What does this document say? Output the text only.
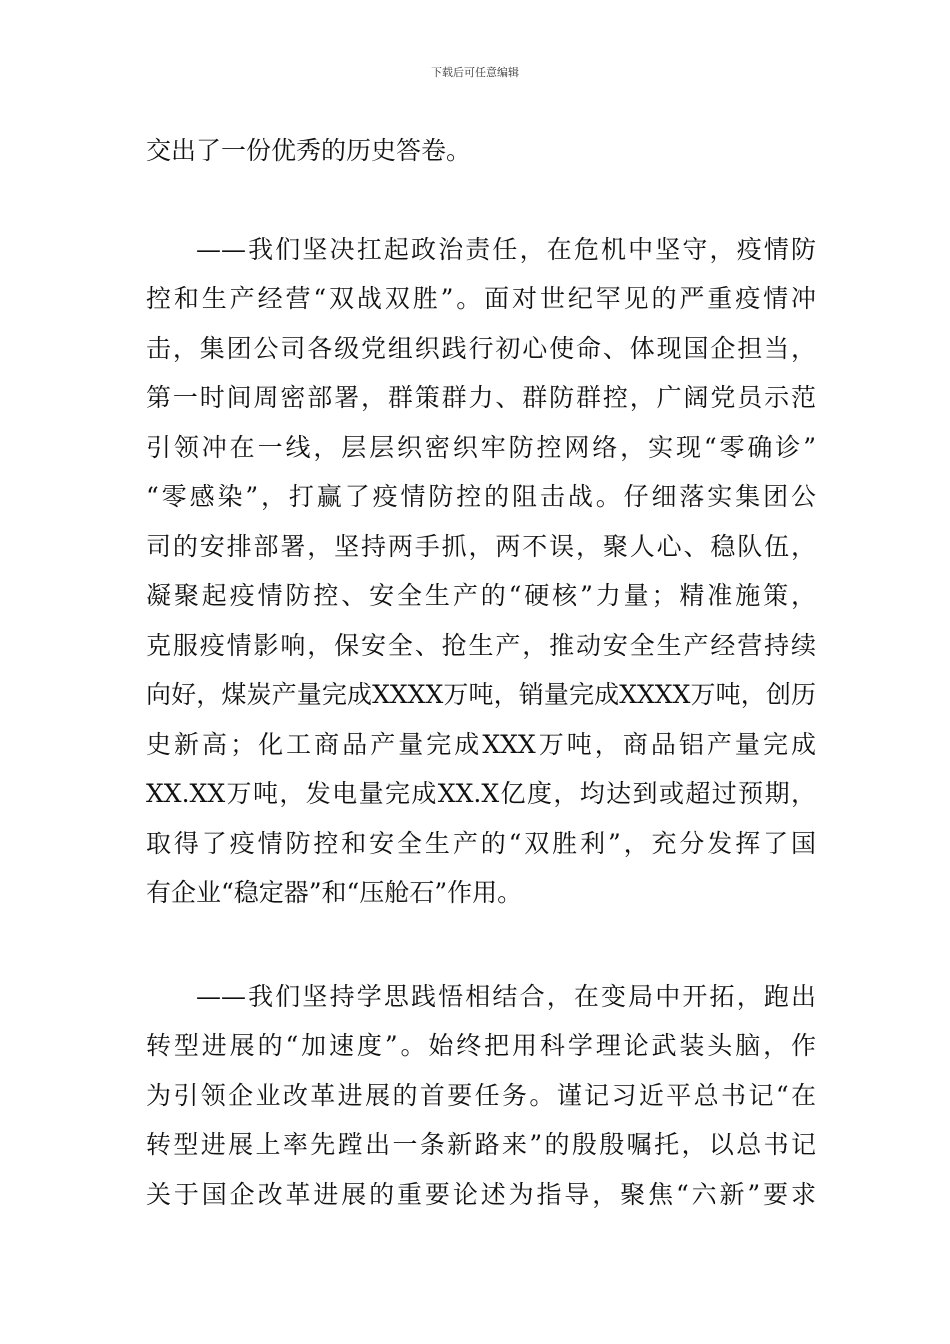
下载后可任意编辑
交出了一份优秀的历史答卷。
——我们坚决扛起政治责任，在危机中坚守，疫情防
控和生产经营“双战双胜”。面对世纪罕见的严重疫情冲
击，集团公司各级党组织践行初心使命、体现国企担当，
第一时间周密部署，群策群力、群防群控，广阔党员示范
引领冲在一线，层层织密织牢防控网络，实现“零确诊”
“零感染”，打赢了疫情防控的阻击战。仔细落实集团公
司的安排部署，坚持两手抓，两不误，聚人心、稳队伍，
凝聚起疫情防控、安全生产的“硬核”力量；精准施策，
克服疫情影响，保安全、抢生产，推动安全生产经营持续
向好，煤炭产量完成XXXX万吨，销量完成XXXX万吨，创历
史新高；化工商品产量完成XXX万吨，商品铝产量完成
XX.XX万吨，发电量完成XX.X亿度，均达到或超过预期，
取得了疫情防控和安全生产的“双胜利”，充分发挥了国
有企业“稳定器”和“压舱石”作用。
——我们坚持学思践悟相结合，在变局中开拓，跑出
转型进展的“加速度”。始终把用科学理论武装头脑，作
为引领企业改革进展的首要任务。谨记习近平总书记“在
转型进展上率先蹚出一条新路来”的殷殷嘱托，以总书记
关于国企改革进展的重要论述为指导，聚焦“六新”要求
